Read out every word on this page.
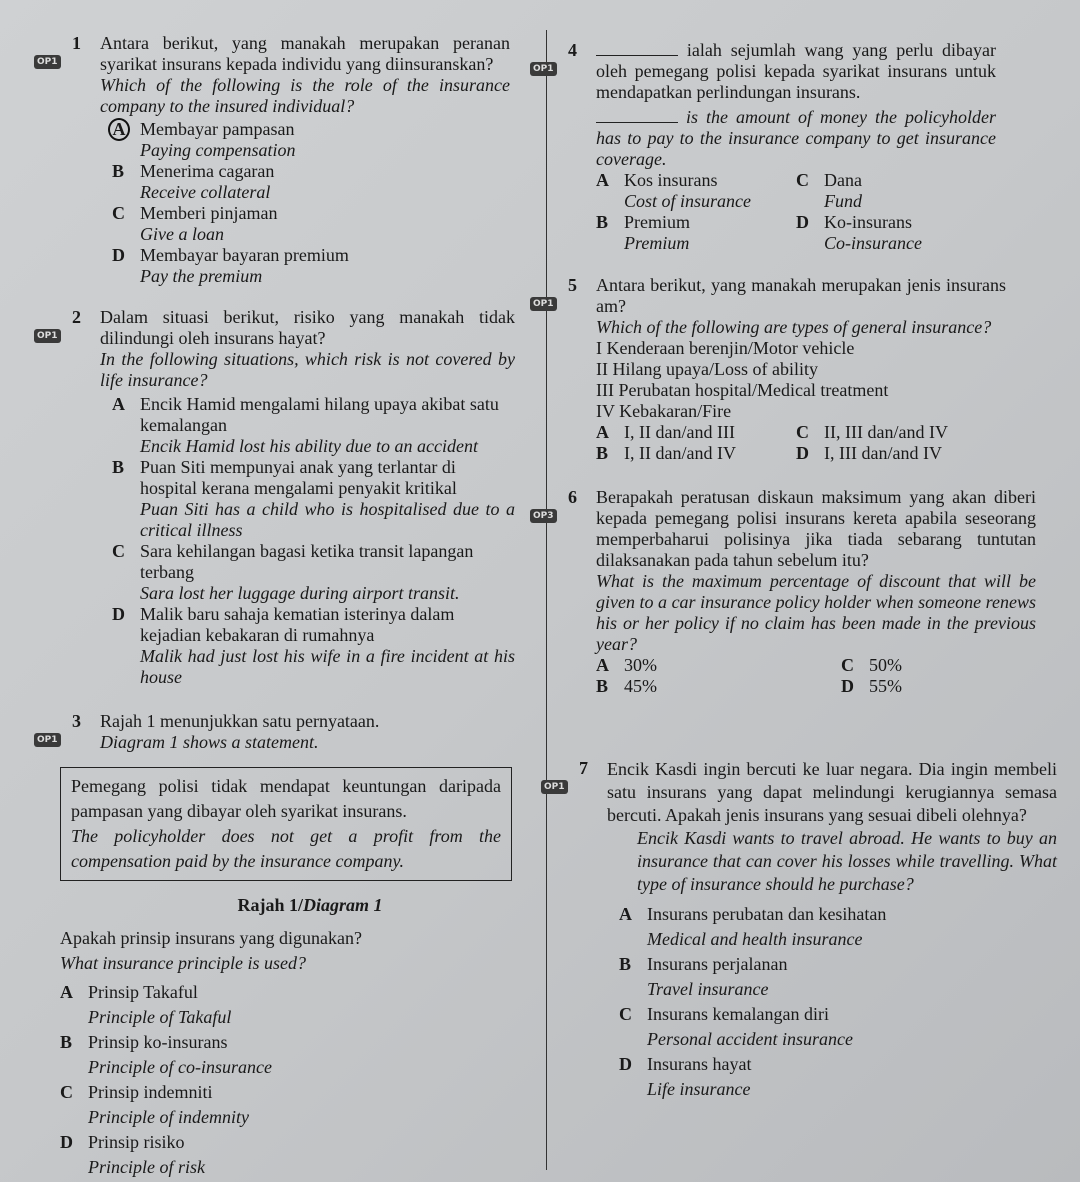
1
OP1
Antara berikut, yang manakah merupakan peranan syarikat insurans kepada individu yang diinsuranskan?
Which of the following is the role of the insurance company to the insured individual?
A Membayar pampasan
Paying compensation
B Menerima cagaran
Receive collateral
C Memberi pinjaman
Give a loan
D Membayar bayaran premium
Pay the premium
2
OP1
Dalam situasi berikut, risiko yang manakah tidak dilindungi oleh insurans hayat?
In the following situations, which risk is not covered by life insurance?
A Encik Hamid mengalami hilang upaya akibat satu kemalangan
Encik Hamid lost his ability due to an accident
B Puan Siti mempunyai anak yang terlantar di hospital kerana mengalami penyakit kritikal
Puan Siti has a child who is hospitalised due to a critical illness
C Sara kehilangan bagasi ketika transit lapangan terbang
Sara lost her luggage during airport transit.
D Malik baru sahaja kematian isterinya dalam kejadian kebakaran di rumahnya
Malik had just lost his wife in a fire incident at his house
3
OP1
Rajah 1 menunjukkan satu pernyataan.
Diagram 1 shows a statement.
Pemegang polisi tidak mendapat keuntungan daripada pampasan yang dibayar oleh syarikat insurans.
The policyholder does not get a profit from the compensation paid by the insurance company.
Rajah 1/Diagram 1
Apakah prinsip insurans yang digunakan?
What insurance principle is used?
A Prinsip Takaful
Principle of Takaful
B Prinsip ko-insurans
Principle of co-insurance
C Prinsip indemniti
Principle of indemnity
D Prinsip risiko
Principle of risk
4
OP1
ialah sejumlah wang yang perlu dibayar oleh pemegang polisi kepada syarikat insurans untuk mendapatkan perlindungan insurans.
is the amount of money the policyholder has to pay to the insurance company to get insurance coverage.
A Kos insurans
Cost of insurance
C Dana
Fund
B Premium
Premium
D Ko-insurans
Co-insurance
5
OP1
Antara berikut, yang manakah merupakan jenis insurans am?
Which of the following are types of general insurance?
I Kenderaan berenjin/Motor vehicle
II Hilang upaya/Loss of ability
III Perubatan hospital/Medical treatment
IV Kebakaran/Fire
A I, II dan/and III	C II, III dan/and IV
B I, II dan/and IV	D I, III dan/and IV
6
OP3
Berapakah peratusan diskaun maksimum yang akan diberi kepada pemegang polisi insurans kereta apabila seseorang memperbaharui polisinya jika tiada sebarang tuntutan dilaksanakan pada tahun sebelum itu?
What is the maximum percentage of discount that will be given to a car insurance policy holder when someone renews his or her policy if no claim has been made in the previous year?
A 30%	C 50%
B 45%	D 55%
7
OP1
Encik Kasdi ingin bercuti ke luar negara. Dia ingin membeli satu insurans yang dapat melindungi kerugiannya semasa bercuti. Apakah jenis insurans yang sesuai dibeli olehnya?
Encik Kasdi wants to travel abroad. He wants to buy an insurance that can cover his losses while travelling. What type of insurance should he purchase?
A Insurans perubatan dan kesihatan
Medical and health insurance
B Insurans perjalanan
Travel insurance
C Insurans kemalangan diri
Personal accident insurance
D Insurans hayat
Life insurance
